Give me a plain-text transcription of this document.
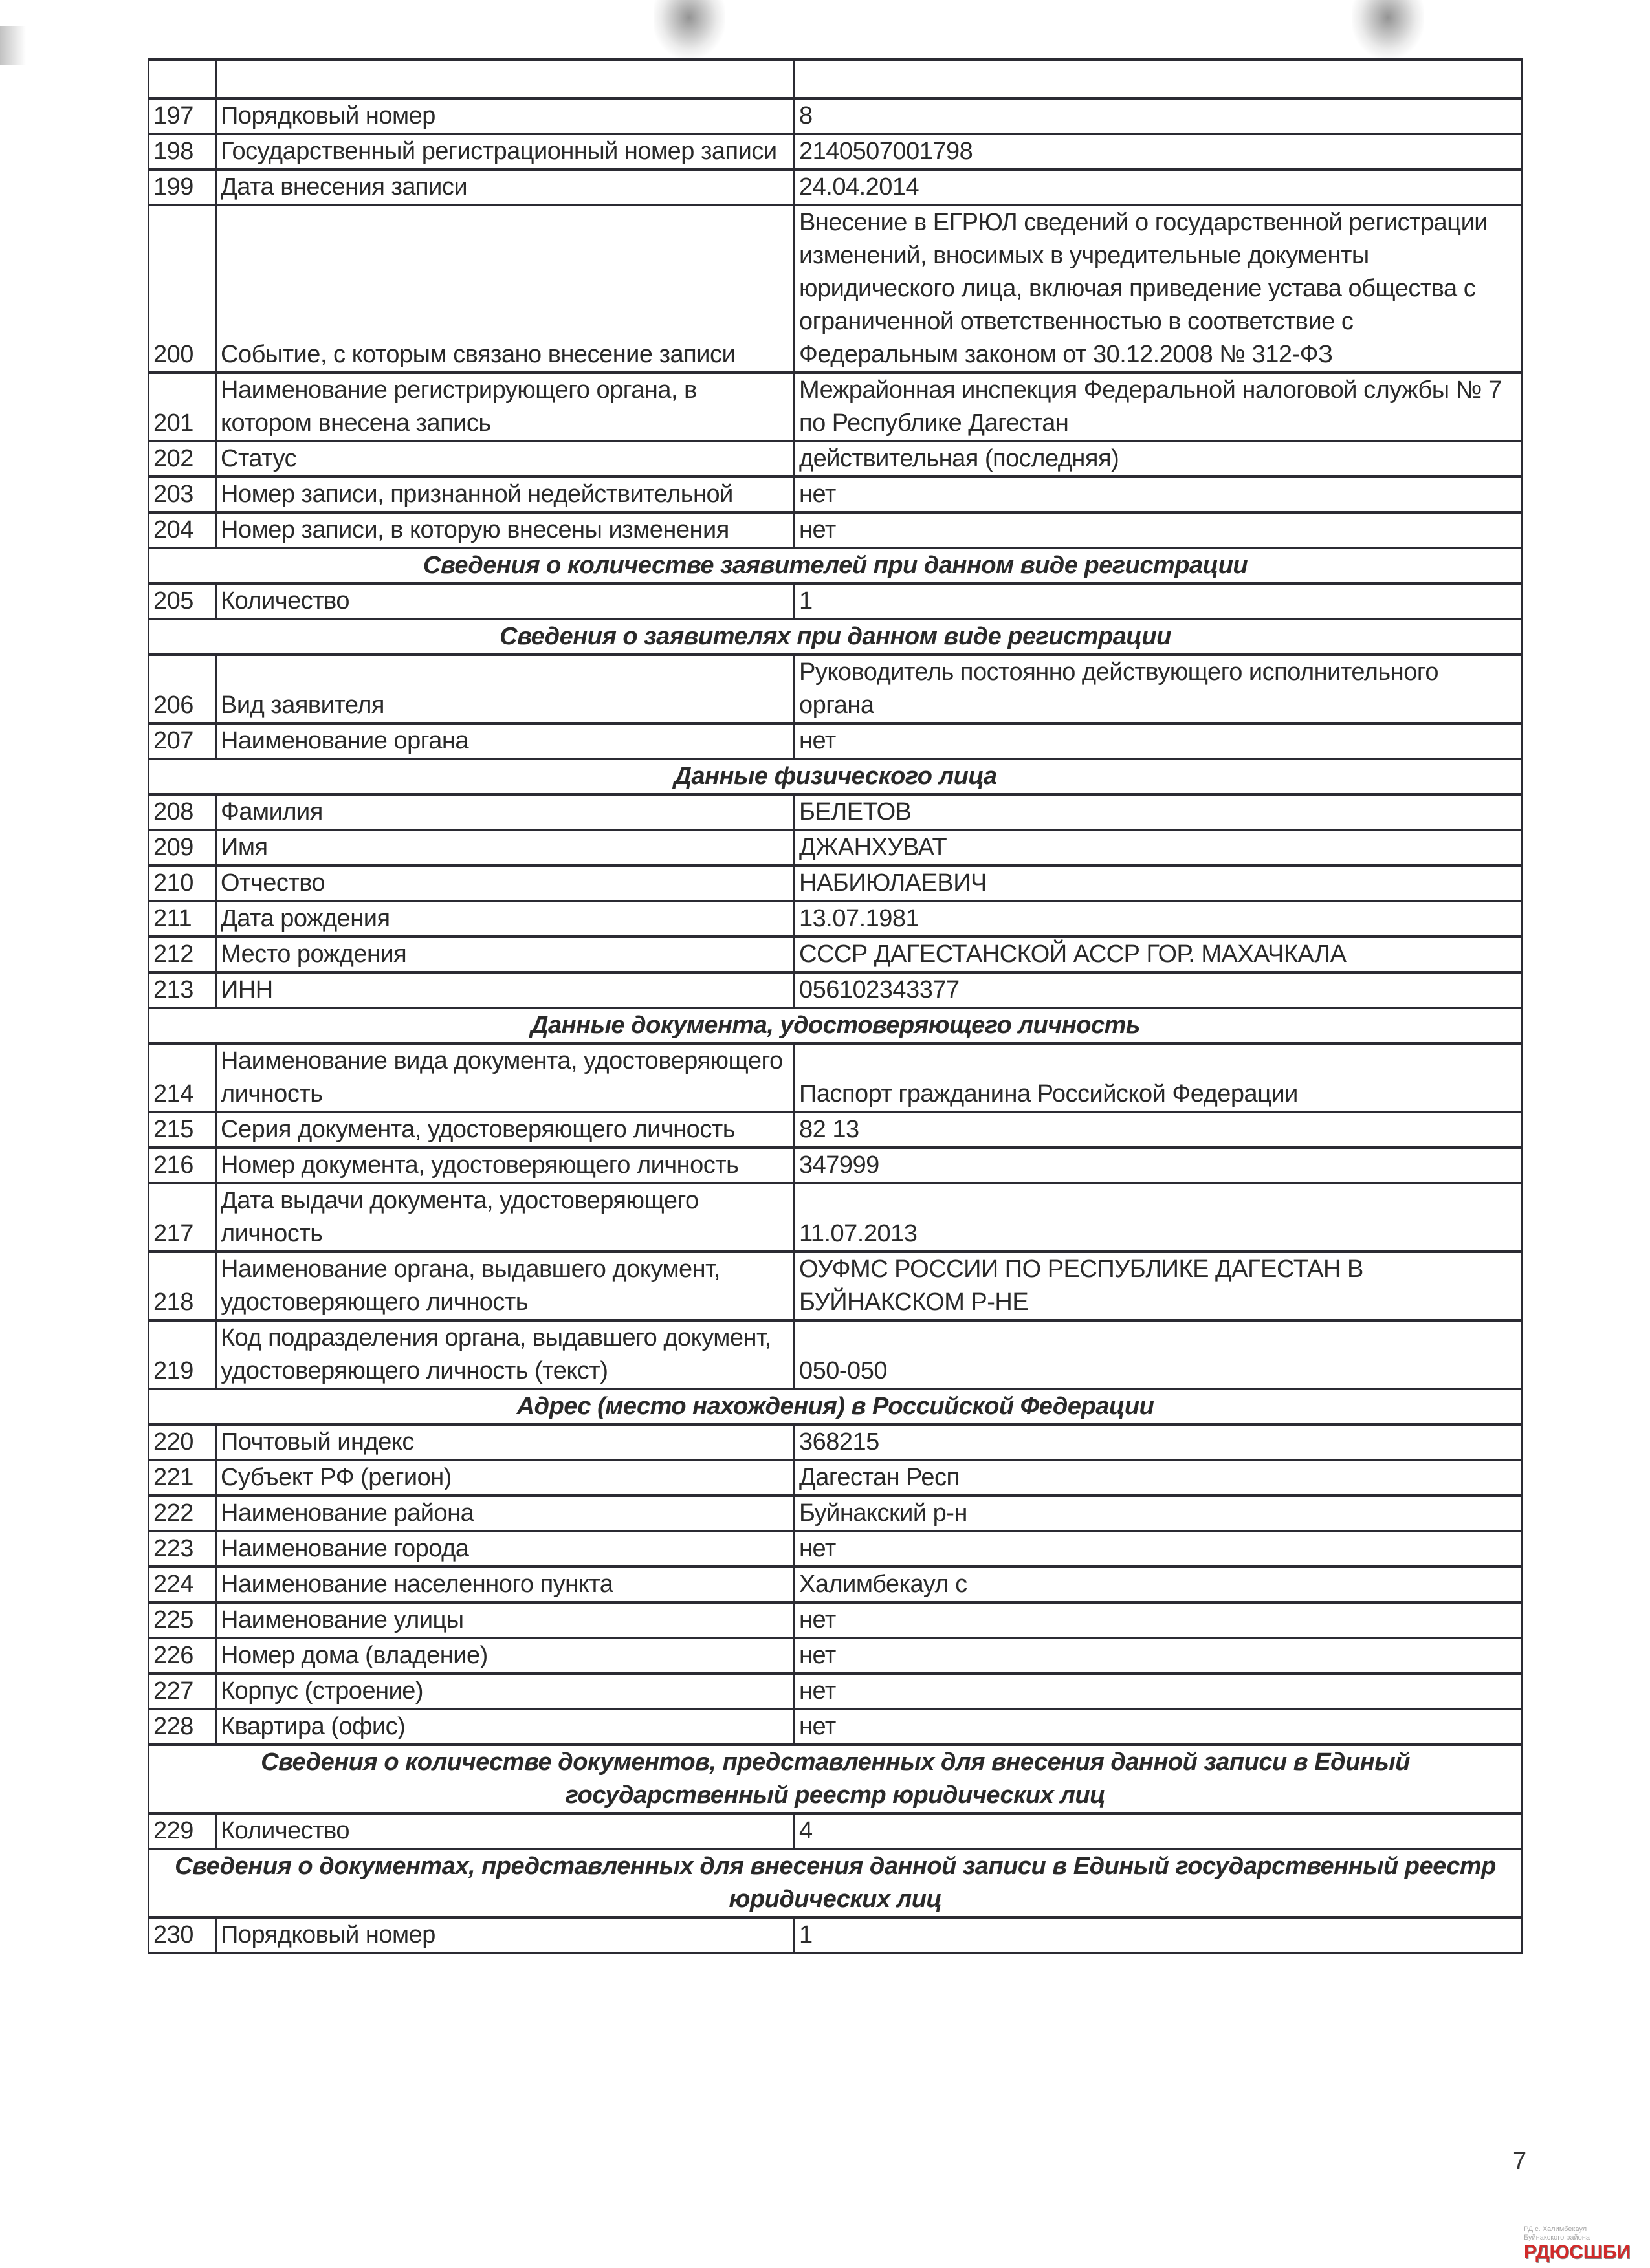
197	Порядковый номер	8
198	Государственный регистрационный номер записи	2140507001798
199	Дата внесения записи	24.04.2014
200	Событие, с которым связано внесение записи	Внесение в ЕГРЮЛ сведений о государственной регистрации изменений, вносимых в учредительные документы юридического лица, включая приведение устава общества с ограниченной ответственностью в соответствие с Федеральным законом от 30.12.2008 № 312-ФЗ
201	Наименование регистрирующего органа, в котором внесена запись	Межрайонная инспекция Федеральной налоговой службы № 7 по Республике Дагестан
202	Статус	действительная (последняя)
203	Номер записи, признанной недействительной	нет
204	Номер записи, в которую внесены изменения	нет
Сведения о количестве заявителей при данном виде регистрации		
205	Количество	1
Сведения о заявителях при данном виде регистрации		
206	Вид заявителя	Руководитель постоянно действующего исполнительного органа
207	Наименование органа	нет
Данные физического лица		
208	Фамилия	БЕЛЕТОВ
209	Имя	ДЖАНХУВАТ
210	Отчество	НАБИЮЛАЕВИЧ
211	Дата рождения	13.07.1981
212	Место рождения	СССР ДАГЕСТАНСКОЙ АССР ГОР. МАХАЧКАЛА
213	ИНН	056102343377
Данные документа, удостоверяющего личность		
214	Наименование вида документа, удостоверяющего личность	Паспорт гражданина Российской Федерации
215	Серия документа, удостоверяющего личность	82 13
216	Номер документа, удостоверяющего личность	347999
217	Дата выдачи документа, удостоверяющего личность	11.07.2013
218	Наименование органа, выдавшего документ, удостоверяющего личность	ОУФМС РОССИИ ПО РЕСПУБЛИКЕ ДАГЕСТАН В БУЙНАКСКОМ Р-НЕ
219	Код подразделения органа, выдавшего документ, удостоверяющего личность (текст)	050-050
Адрес (место нахождения) в Российской Федерации		
220	Почтовый индекс	368215
221	Субъект РФ (регион)	Дагестан Респ
222	Наименование района	Буйнакский р-н
223	Наименование города	нет
224	Наименование населенного пункта	Халимбекаул с
225	Наименование улицы	нет
226	Номер дома (владение)	нет
227	Корпус (строение)	нет
228	Квартира (офис)	нет
Сведения о количестве документов, представленных для внесения данной записи в Единый государственный реестр юридических лиц		
229	Количество	4
Сведения о документах, представленных для внесения данной записи в Единый государственный реестр юридических лиц		
230	Порядковый номер	1
7
РД с. Халимбекаул
Буйнакского района
РДЮСШБИ
